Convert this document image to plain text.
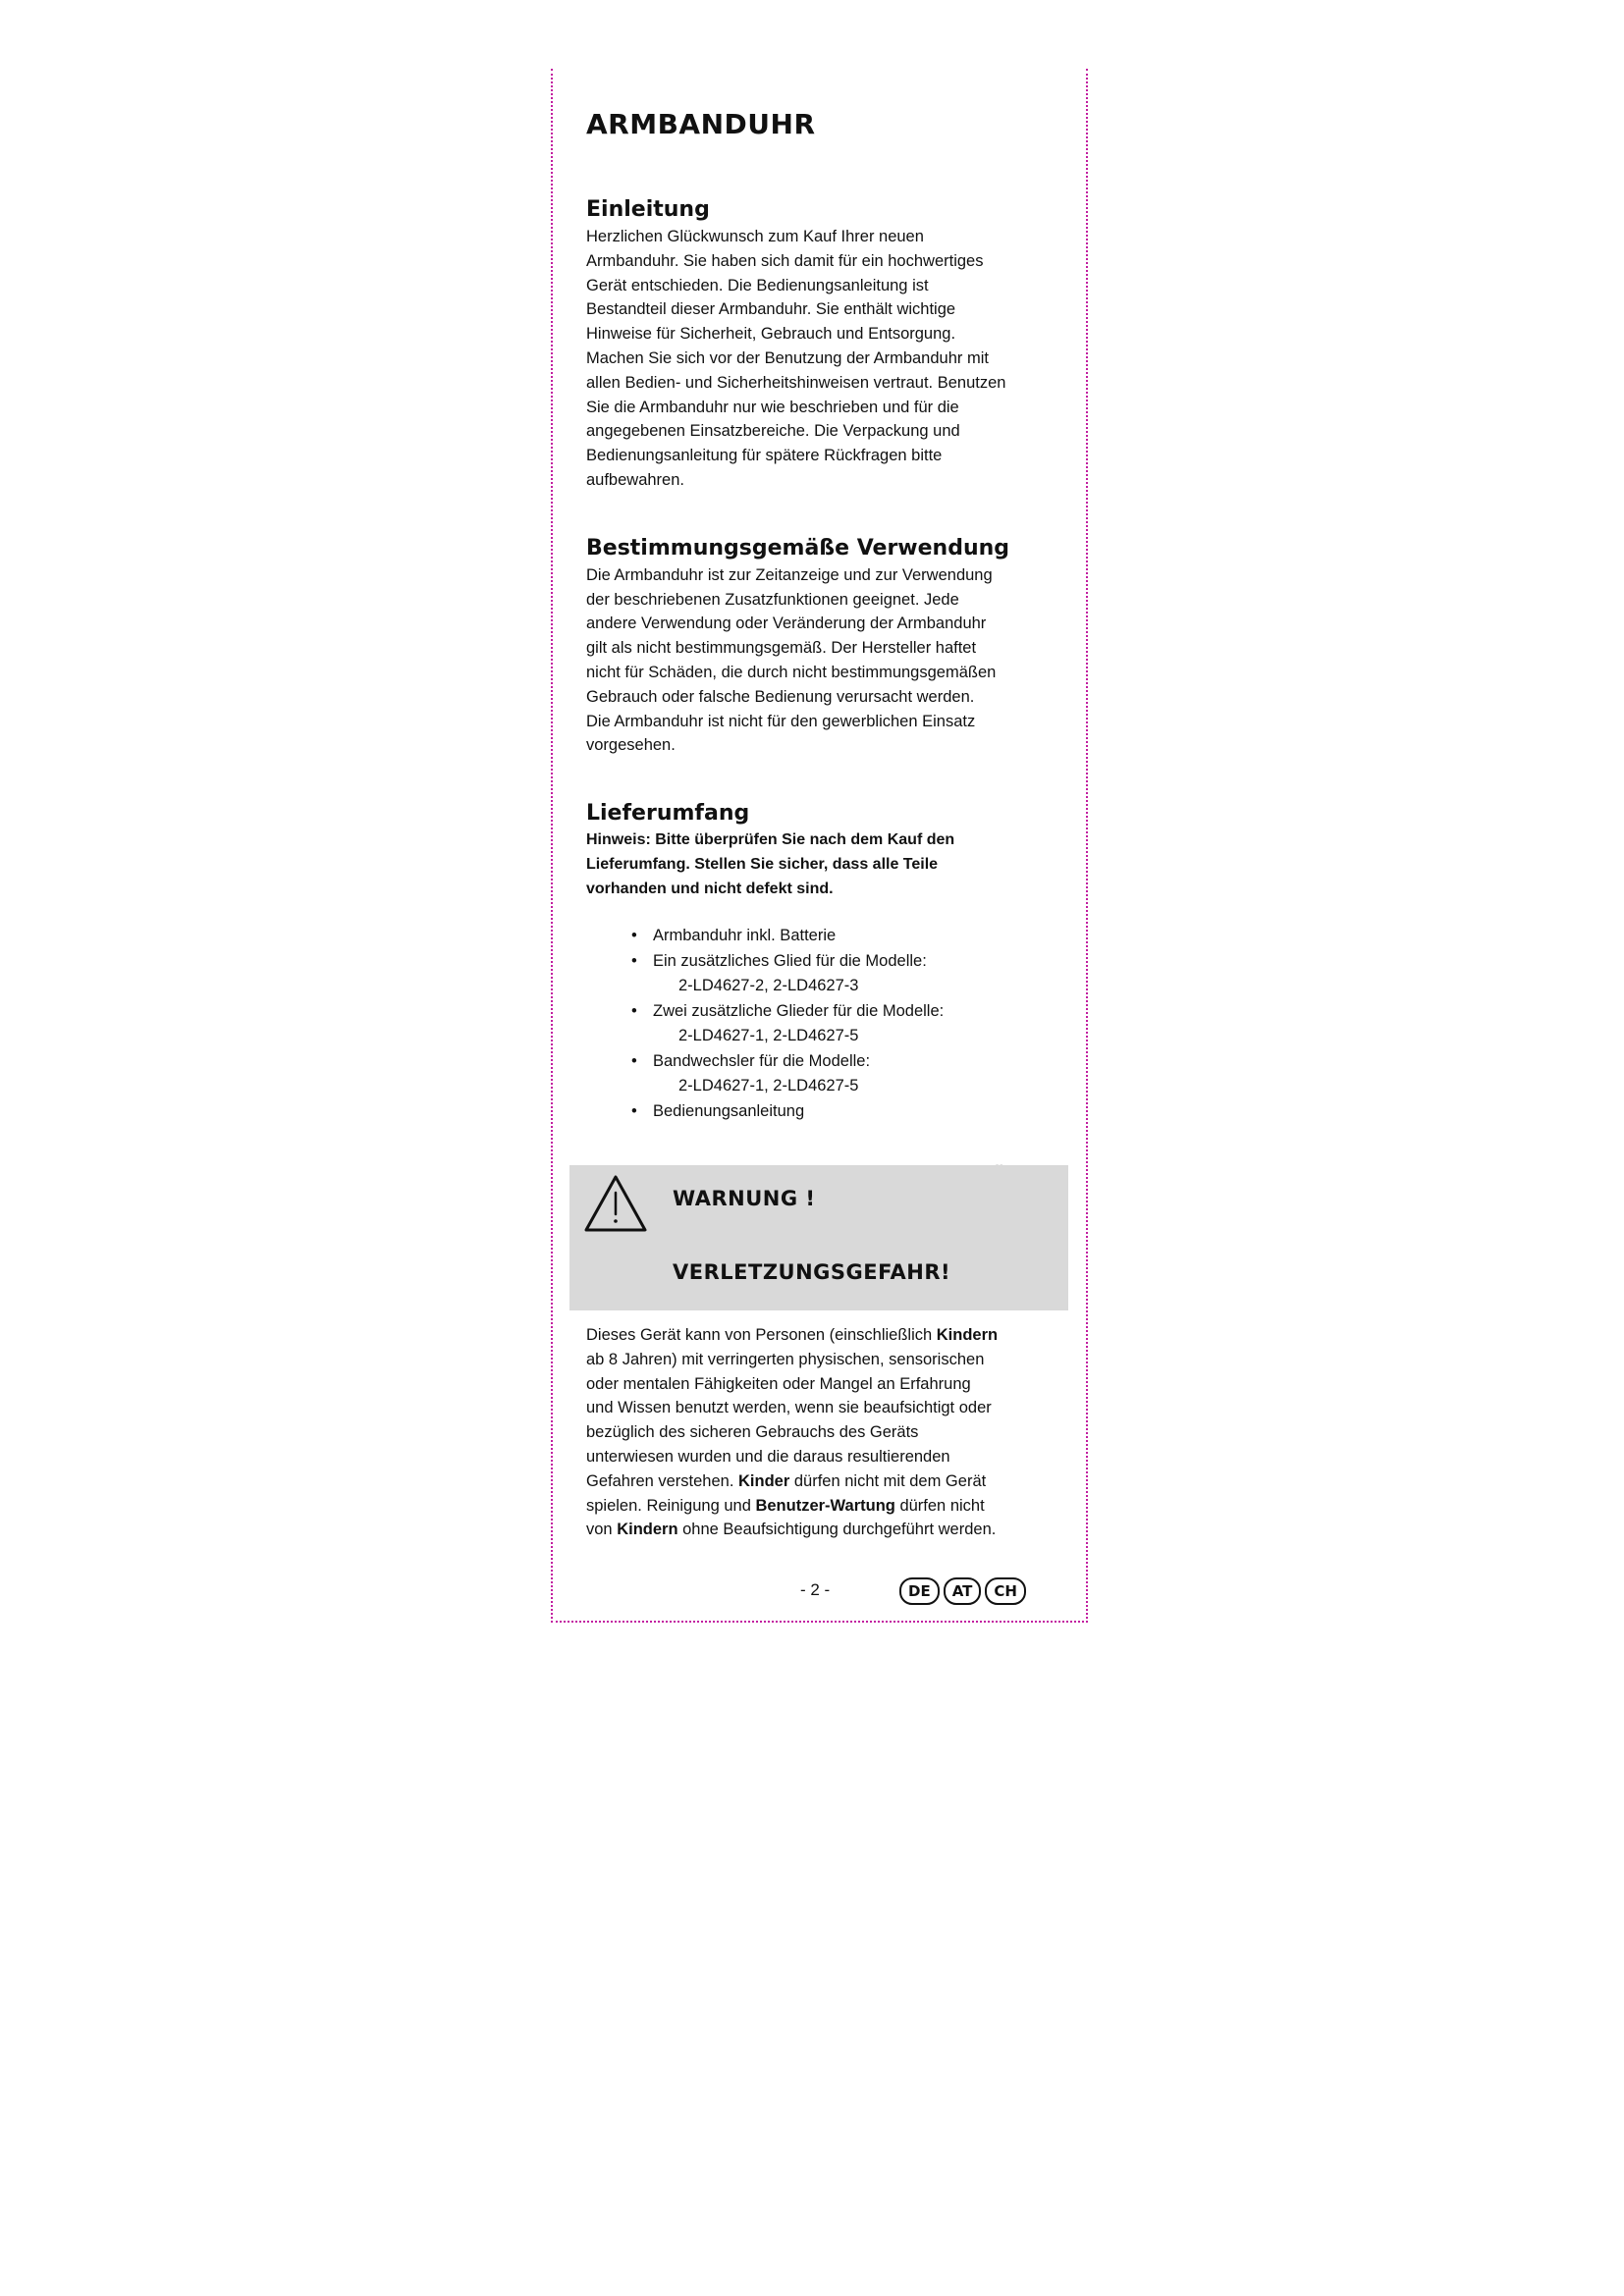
ARMBANDUHR
Einleitung

Herzlichen Glückwunsch zum Kauf Ihrer neuen
Armbanduhr. Sie haben sich damit für ein hochwertiges
Gerät entschieden. Die Bedienungsanleitung ist
Bestandteil dieser Armbanduhr. Sie enthält wichtige
Hinweise für Sicherheit, Gebrauch und Entsorgung.
Machen Sie sich vor der Benutzung der Armbanduhr mit
allen Bedien- und Sicherheitshinweisen vertraut. Benutzen
Sie die Armbanduhr nur wie beschrieben und für die
angegebenen Einsatzbereiche. Die Verpackung und
Bedienungsanleitung für spätere Rückfragen bitte
aufbewahren.

Bestimmungsgemäße Verwendung

Die Armbanduhr ist zur Zeitanzeige und zur Verwendung
der beschriebenen Zusatzfunktionen geeignet. Jede
andere Verwendung oder Veränderung der Armbanduhr
gilt als nicht bestimmungsgemäß. Der Hersteller haftet
nicht für Schäden, die durch nicht bestimmungsgemäßen
Gebrauch oder falsche Bedienung verursacht werden.
Die Armbanduhr ist nicht für den gewerblichen Einsatz
vorgesehen.

Lieferumfang

Hinweis: Bitte überprüfen Sie nach dem Kauf den
Lieferumfang. Stellen Sie sicher, dass alle Teile
vorhanden und nicht defekt sind.

• Armbanduhr inkl. Batterie
• Ein zusätzliches Glied für die Modelle:
2-LD4627-2, 2-LD4627-3
• Zwei zusätzliche Glieder für die Modelle:
2-LD4627-1, 2-LD4627-5
• Bandwechsler für die Modelle:
2-LD4627-1, 2-LD4627-5
• Bedienungsanleitung

WARNUNG !
VERLETZUNGSGEFAHR!

Dieses Gerät kann von Personen (einschließlich Kindern
ab 8 Jahren) mit verringerten physischen, sensorischen
oder mentalen Fähigkeiten oder Mangel an Erfahrung
und Wissen benutzt werden, wenn sie beaufsichtigt oder
bezüglich des sicheren Gebrauchs des Geräts
unterwiesen wurden und die daraus resultierenden
Gefahren verstehen. Kinder dürfen nicht mit dem Gerät
spielen. Reinigung und Benutzer-Wartung dürfen nicht
von Kindern ohne Beaufsichtigung durchgeführt werden.

- 2 -	DE	AT	CH
